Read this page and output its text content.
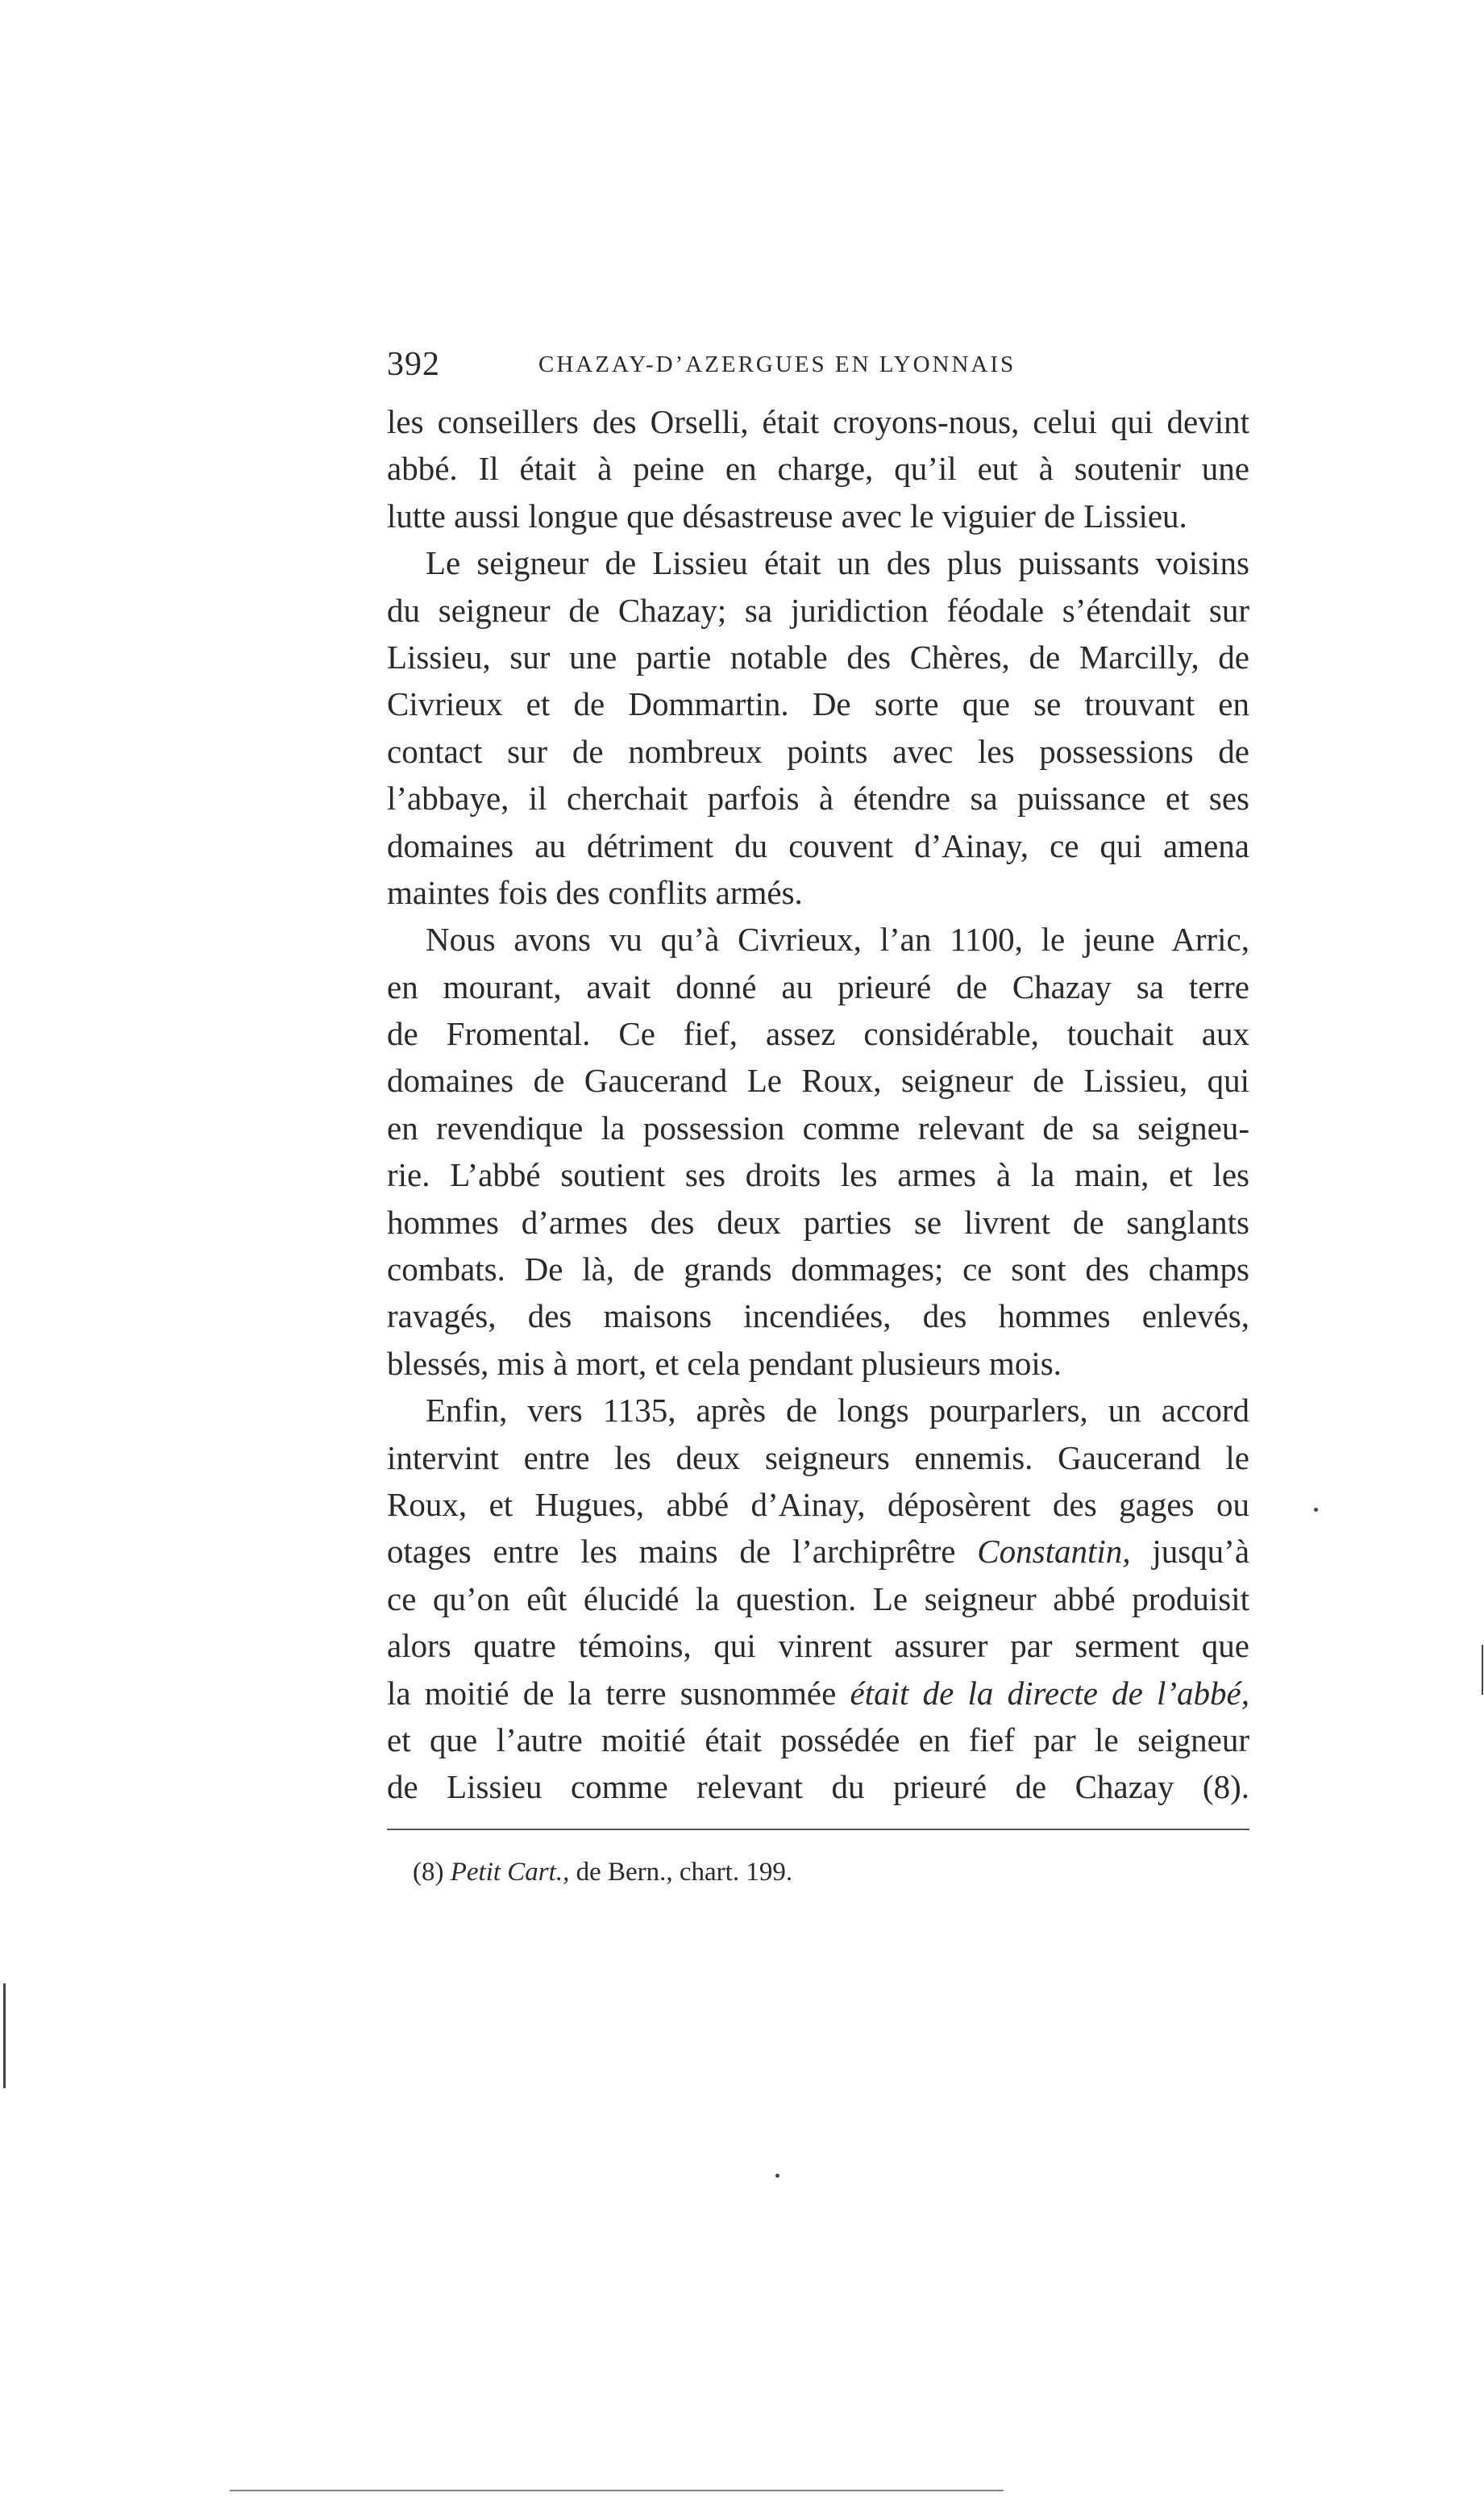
392	CHAZAY-D’AZERGUES EN LYONNAIS
les conseillers des Orselli, était croyons-nous, celui qui devint
abbé. Il était à peine en charge, qu’il eut à soutenir une
lutte aussi longue que désastreuse avec le viguier de Lissieu.
Le seigneur de Lissieu était un des plus puissants voisins
du seigneur de Chazay; sa juridiction féodale s’étendait sur
Lissieu, sur une partie notable des Chères, de Marcilly, de
Civrieux et de Dommartin. De sorte que se trouvant en
contact sur de nombreux points avec les possessions de
l’abbaye, il cherchait parfois à étendre sa puissance et ses
domaines au détriment du couvent d’Ainay, ce qui amena
maintes fois des conflits armés.
Nous avons vu qu’à Civrieux, l’an 1100, le jeune Arric,
en mourant, avait donné au prieuré de Chazay sa terre
de Fromental. Ce fief, assez considérable, touchait aux
domaines de Gaucerand Le Roux, seigneur de Lissieu, qui
en revendique la possession comme relevant de sa seigneu-
rie. L’abbé soutient ses droits les armes à la main, et les
hommes d’armes des deux parties se livrent de sanglants
combats. De là, de grands dommages; ce sont des champs
ravagés, des maisons incendiées, des hommes enlevés,
blessés, mis à mort, et cela pendant plusieurs mois.
Enfin, vers 1135, après de longs pourparlers, un accord
intervint entre les deux seigneurs ennemis. Gaucerand le
Roux, et Hugues, abbé d’Ainay, déposèrent des gages ou
otages entre les mains de l’archiprêtre Constantin, jusqu’à
ce qu’on eût élucidé la question. Le seigneur abbé produisit
alors quatre témoins, qui vinrent assurer par serment que
la moitié de la terre susnommée était de la directe de l’abbé,
et que l’autre moitié était possédée en fief par le seigneur
de Lissieu comme relevant du prieuré de Chazay (8).
(8) Petit Cart., de Bern., chart. 199.
